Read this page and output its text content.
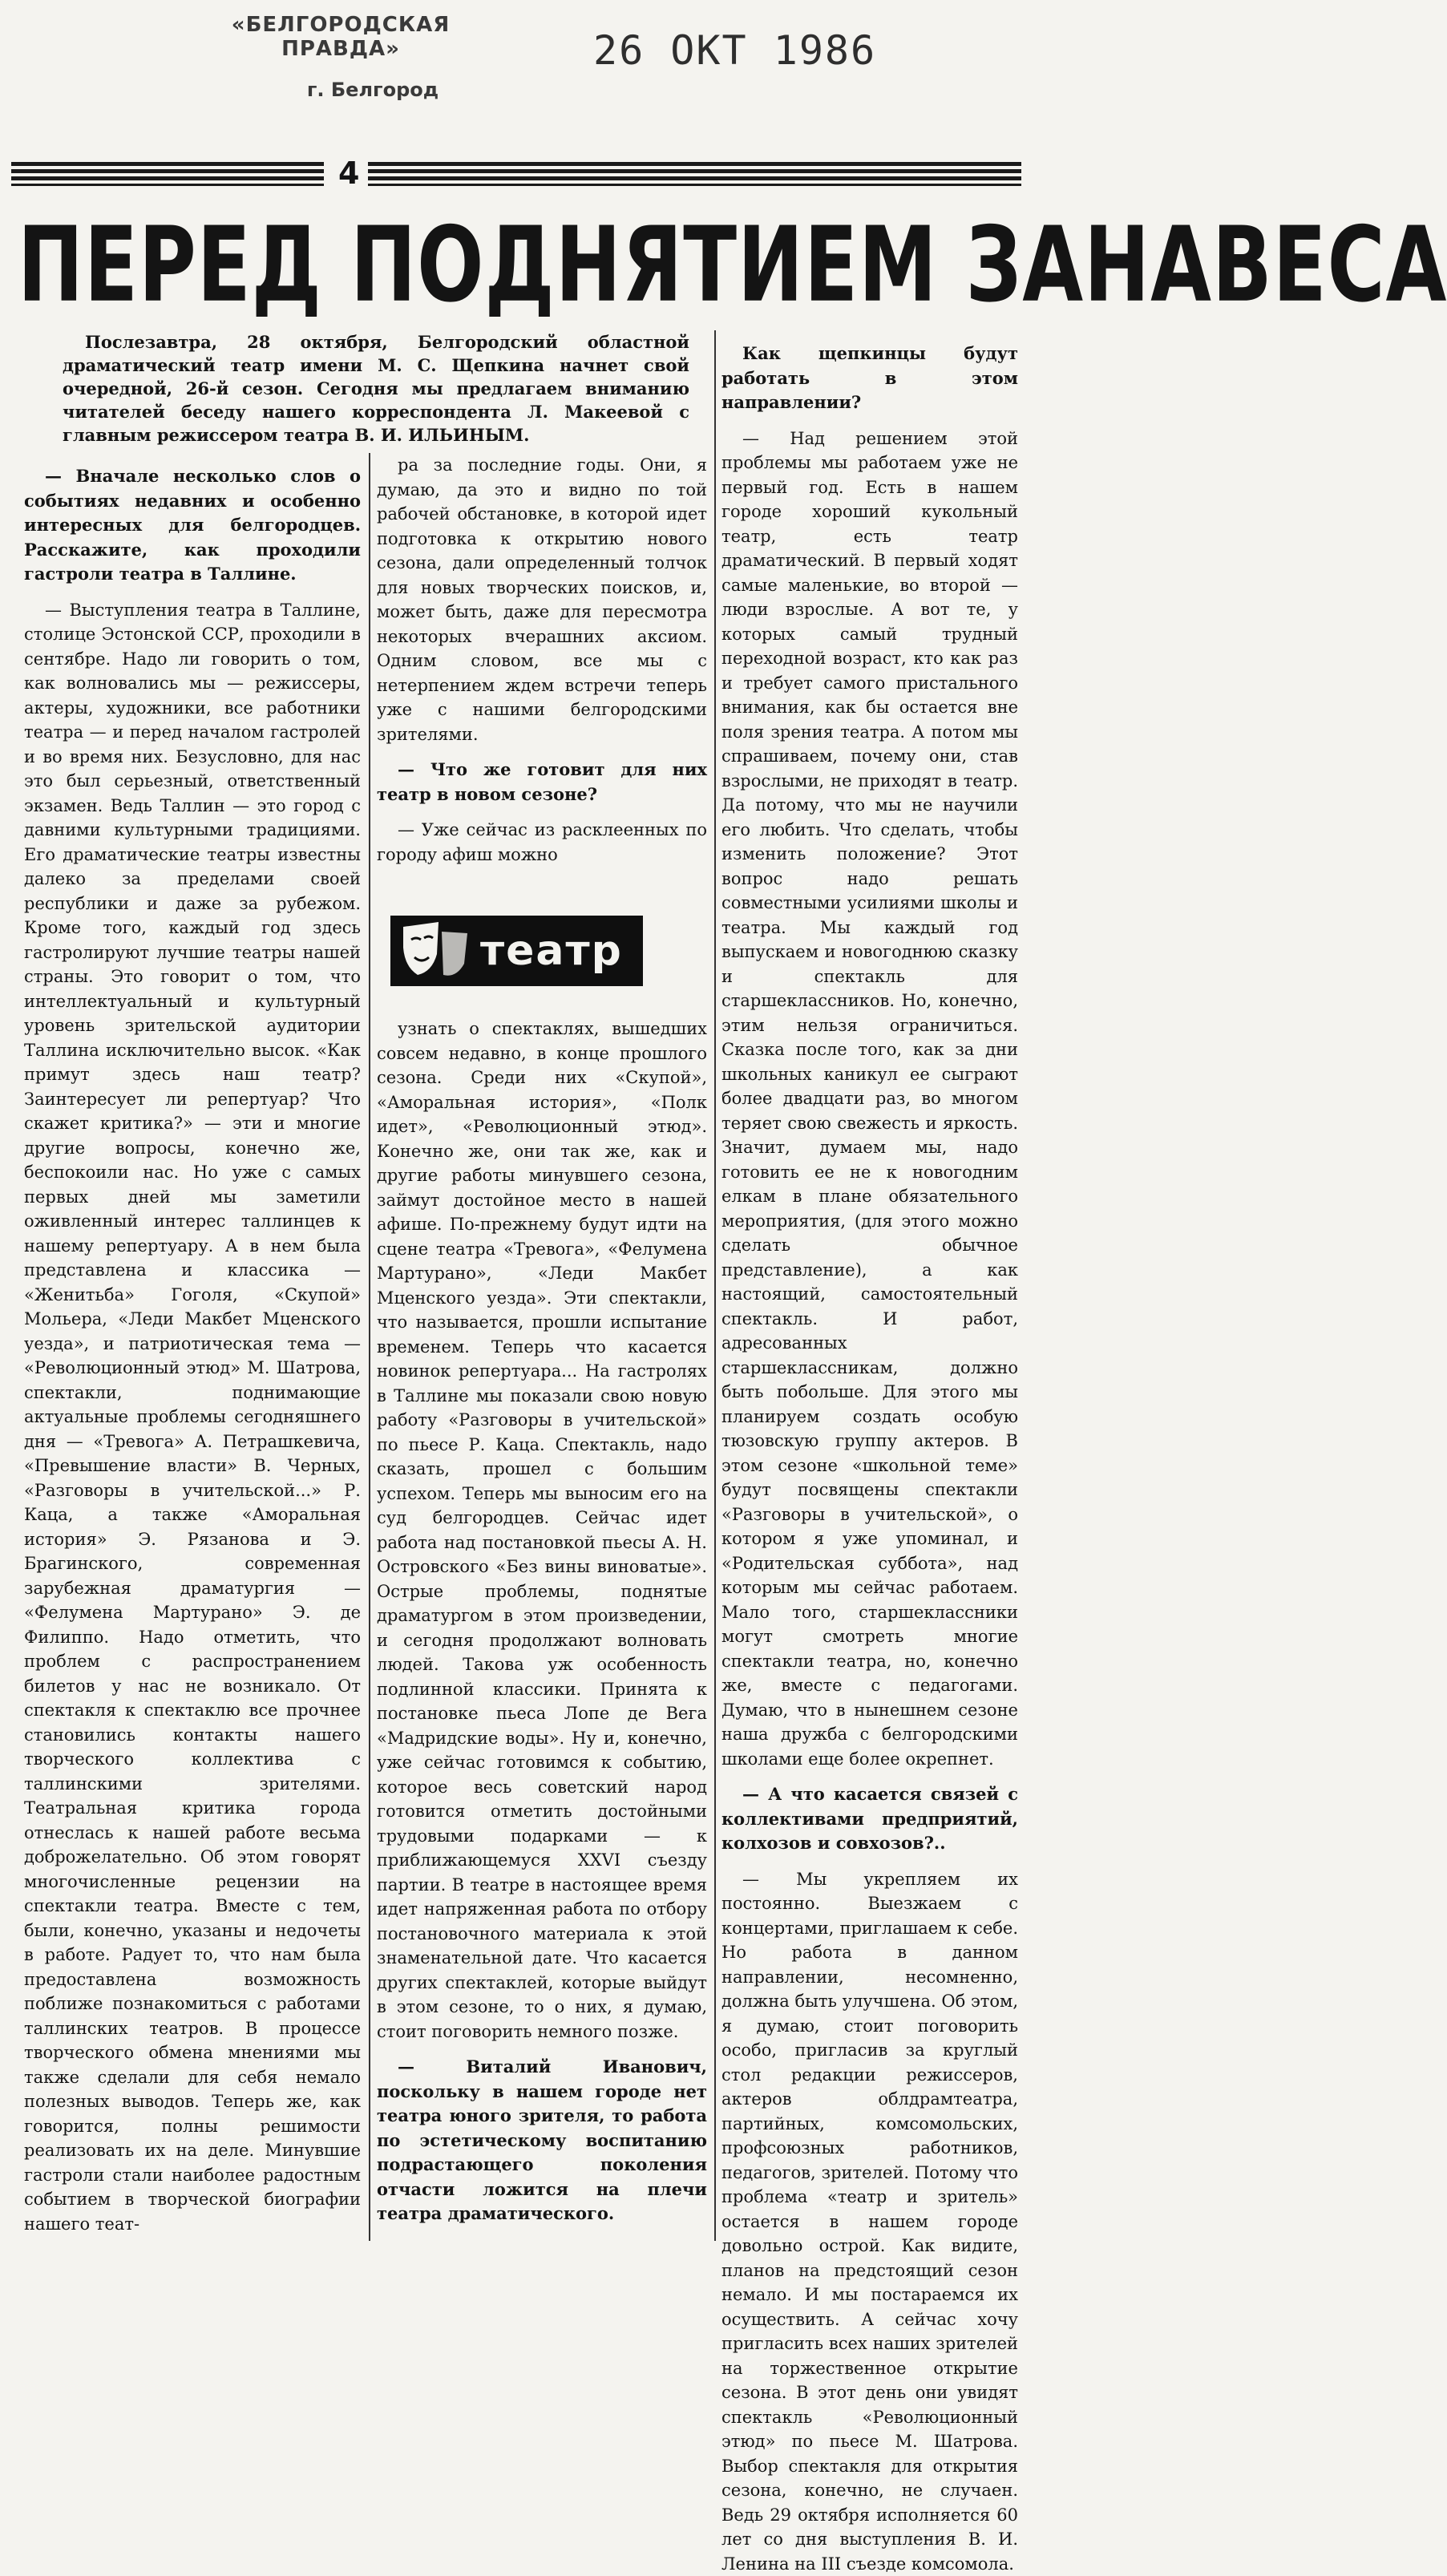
«БЕЛГОРОДСКАЯ ПРАВДА»
г. Белгород
26 ОКТ 1986
4
ПЕРЕД ПОДНЯТИЕМ ЗАНАВЕСА
Послезавтра, 28 октября, Белгородский областной драматический театр имени М. С. Щепкина начнет свой очередной, 26-й сезон. Сегодня мы предлагаем вниманию читателей беседу нашего корреспондента Л. Макеевой с главным режиссером театра В. И. ИЛЬИНЫМ.

— Вначале несколько слов о событиях недавних и особенно интересных для белгородцев. Расскажите, как проходили гастроли театра в Таллине.

— Выступления театра в Таллине, столице Эстонской ССР, проходили в сентябре. Надо ли говорить о том, как волновались мы — режиссеры, актеры, художники, все работники театра — и перед началом гастролей и во время них. Безусловно, для нас это был серьезный, ответственный экзамен. Ведь Таллин — это город с давними культурными традициями. Его драматические театры известны далеко за пределами своей республики и даже за рубежом. Кроме того, каждый год здесь гастролируют лучшие театры нашей страны. Это говорит о том, что интеллектуальный и культурный уровень зрительской аудитории Таллина исключительно высок. «Как примут здесь наш театр? Заинтересует ли репертуар? Что скажет критика?» — эти и многие другие вопросы, конечно же, беспокоили нас. Но уже с самых первых дней мы заметили оживленный интерес таллинцев к нашему репертуару. А в нем была представлена и классика — «Женитьба» Гоголя, «Скупой» Мольера, «Леди Макбет Мценского уезда», и патриотическая тема — «Революционный этюд» М. Шатрова, спектакли, поднимающие актуальные проблемы сегодняшнего дня — «Тревога» А. Петрашкевича, «Превышение власти» В. Черных, «Разговоры в учительской...» Р. Каца, а также «Аморальная история» Э. Рязанова и Э. Брагинского, современная зарубежная драматургия — «Фелумена Мартурано» Э. де Филиппо. Надо отметить, что проблем с распространением билетов у нас не возникало. От спектакля к спектаклю все прочнее становились контакты нашего творческого коллектива с таллинскими зрителями. Театральная критика города отнеслась к нашей работе весьма доброжелательно. Об этом говорят многочисленные рецензии на спектакли театра. Вместе с тем, были, конечно, указаны и недочеты в работе. Радует то, что нам была предоставлена возможность поближе познакомиться с работами таллинских театров. В процессе творческого обмена мнениями мы также сделали для себя немало полезных выводов. Теперь же, как говорится, полны решимости реализовать их на деле. Минувшие гастроли стали наиболее радостным событием в творческой биографии нашего теат-

ра за последние годы. Они, я думаю, да это и видно по той рабочей обстановке, в которой идет подготовка к открытию нового сезона, дали определенный толчок для новых творческих поисков, и, может быть, даже для пересмотра некоторых вчерашних аксиом. Одним словом, все мы с нетерпением ждем встречи теперь уже с нашими белгородскими зрителями.

— Что же готовит для них театр в новом сезоне?

— Уже сейчас из расклеенных по городу афиш можно

театр

узнать о спектаклях, вышедших совсем недавно, в конце прошлого сезона. Среди них «Скупой», «Аморальная история», «Полк идет», «Революционный этюд». Конечно же, они так же, как и другие работы минувшего сезона, займут достойное место в нашей афише. По-прежнему будут идти на сцене театра «Тревога», «Фелумена Мартурано», «Леди Макбет Мценского уезда». Эти спектакли, что называется, прошли испытание временем. Теперь что касается новинок репертуара... На гастролях в Таллине мы показали свою новую работу «Разговоры в учительской» по пьесе Р. Каца. Спектакль, надо сказать, прошел с большим успехом. Теперь мы выносим его на суд белгородцев. Сейчас идет работа над постановкой пьесы А. Н. Островского «Без вины виноватые». Острые проблемы, поднятые драматургом в этом произведении, и сегодня продолжают волновать людей. Такова уж особенность подлинной классики. Принята к постановке пьеса Лопе де Вега «Мадридские воды». Ну и, конечно, уже сейчас готовимся к событию, которое весь советский народ готовится отметить достойными трудовыми подарками — к приближающемуся XXVI съезду партии. В театре в настоящее время идет напряженная работа по отбору постановочного материала к этой знаменательной дате. Что касается других спектаклей, которые выйдут в этом сезоне, то о них, я думаю, стоит поговорить немного позже.

— Виталий Иванович, поскольку в нашем городе нет театра юного зрителя, то работа по эстетическому воспитанию подрастающего поколения отчасти ложится на плечи театра драматического.

Как щепкинцы будут работать в этом направлении?

— Над решением этой проблемы мы работаем уже не первый год. Есть в нашем городе хороший кукольный театр, есть театр драматический. В первый ходят самые маленькие, во второй — люди взрослые. А вот те, у которых самый трудный переходной возраст, кто как раз и требует самого пристального внимания, как бы остается вне поля зрения театра. А потом мы спрашиваем, почему они, став взрослыми, не приходят в театр. Да потому, что мы не научили его любить. Что сделать, чтобы изменить положение? Этот вопрос надо решать совместными усилиями школы и театра. Мы каждый год выпускаем и новогоднюю сказку и спектакль для старшеклассников. Но, конечно, этим нельзя ограничиться. Сказка после того, как за дни школьных каникул ее сыграют более двадцати раз, во многом теряет свою свежесть и яркость. Значит, думаем мы, надо готовить ее не к новогодним елкам в плане обязательного мероприятия, (для этого можно сделать обычное представление), а как настоящий, самостоятельный спектакль. И работ, адресованных старшеклассникам, должно быть побольше. Для этого мы планируем создать особую тюзовскую группу актеров. В этом сезоне «школьной теме» будут посвящены спектакли «Разговоры в учительской», о котором я уже упоминал, и «Родительская суббота», над которым мы сейчас работаем. Мало того, старшеклассники могут смотреть многие спектакли театра, но, конечно же, вместе с педагогами. Думаю, что в нынешнем сезоне наша дружба с белгородскими школами еще более окрепнет.

— А что касается связей с коллективами предприятий, колхозов и совхозов?..

— Мы укрепляем их постоянно. Выезжаем с концертами, приглашаем к себе. Но работа в данном направлении, несомненно, должна быть улучшена. Об этом, я думаю, стоит поговорить особо, пригласив за круглый стол редакции режиссеров, актеров облдрамтеатра, партийных, комсомольских, профсоюзных работников, педагогов, зрителей. Потому что проблема «театр и зритель» остается в нашем городе довольно острой. Как видите, планов на предстоящий сезон немало. И мы постараемся их осуществить. А сейчас хочу пригласить всех наших зрителей на торжественное открытие сезона. В этот день они увидят спектакль «Революционный этюд» по пьесе М. Шатрова. Выбор спектакля для открытия сезона, конечно, не случаен. Ведь 29 октября исполняется 60 лет со дня выступления В. И. Ленина на III съезде комсомола.
